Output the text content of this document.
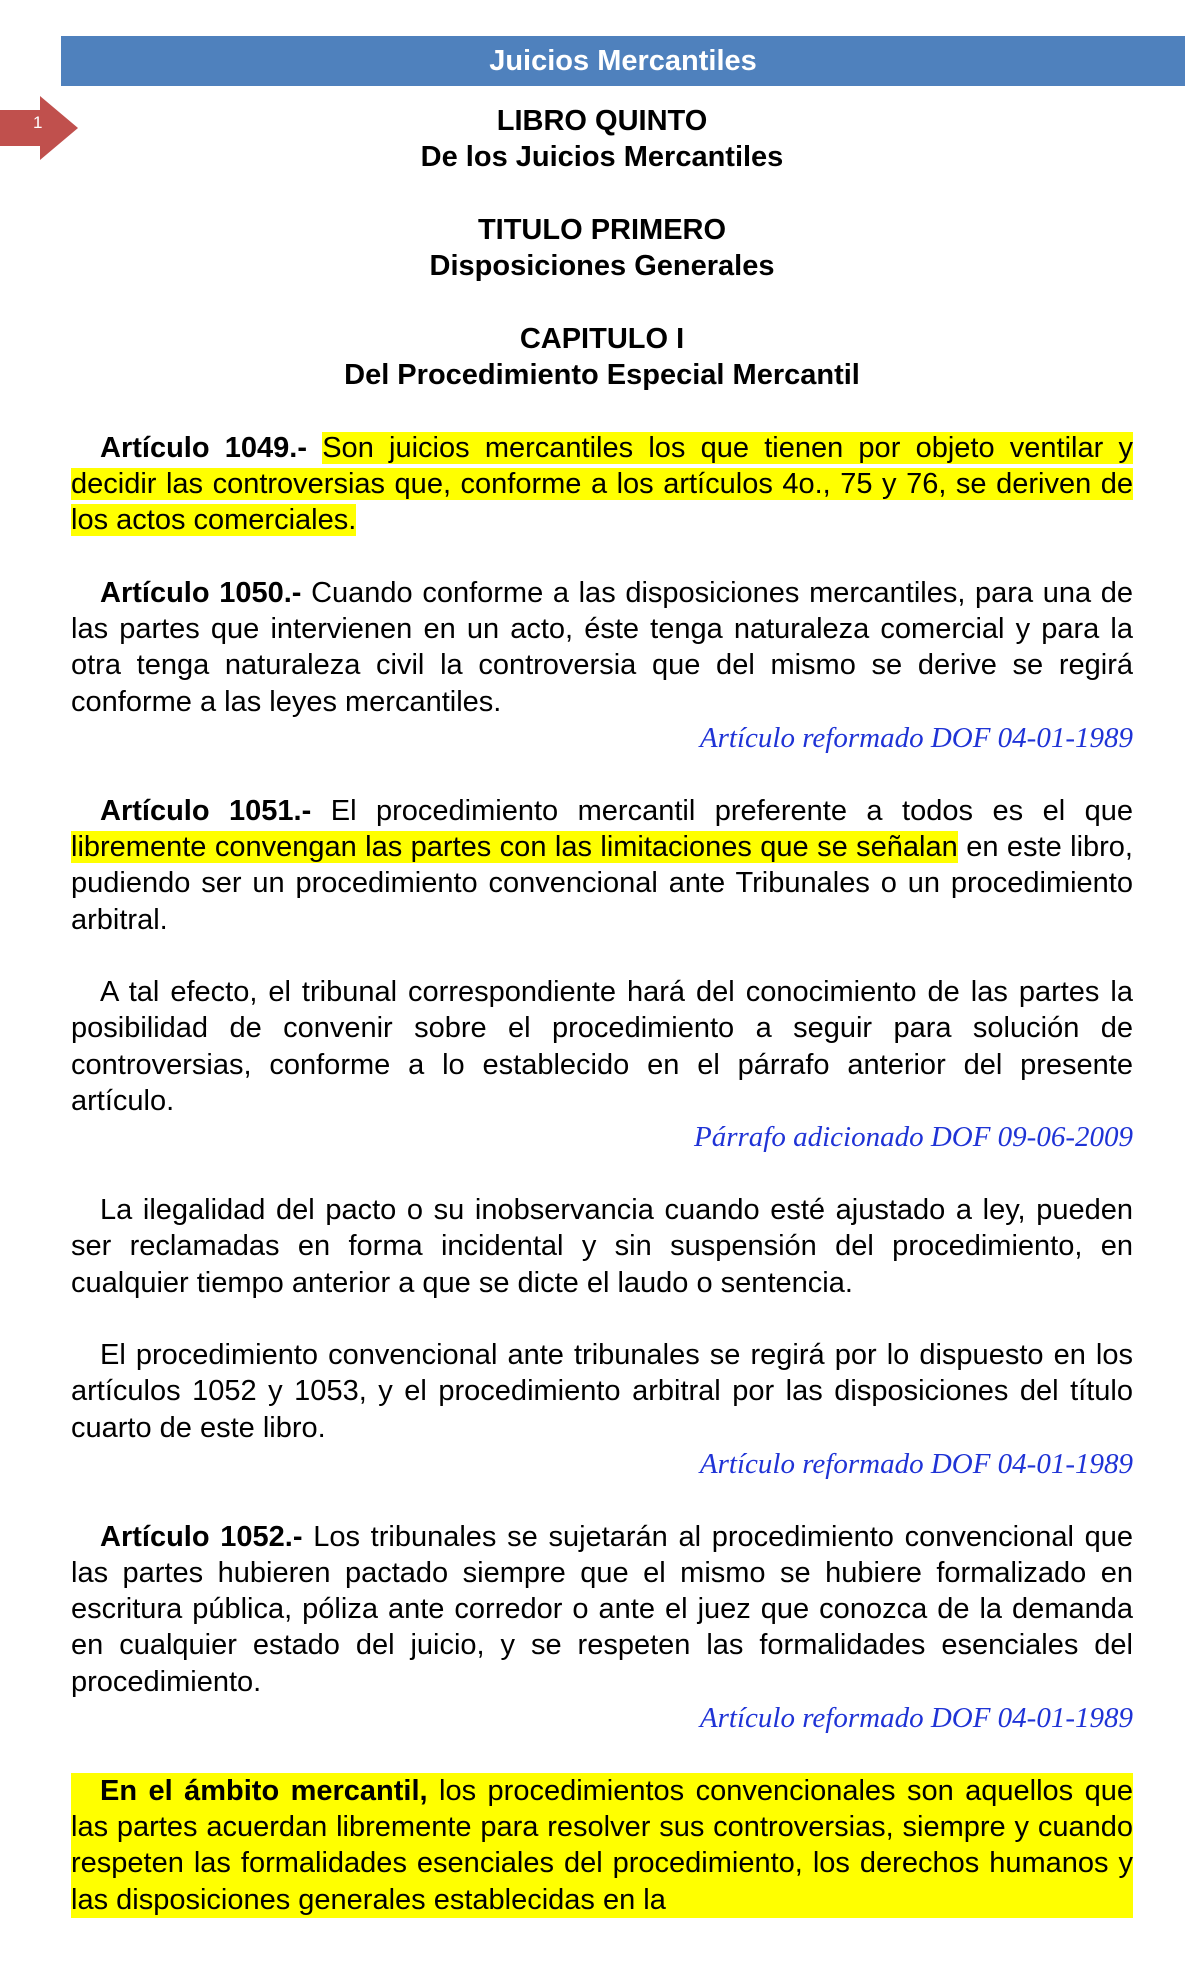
Juicios Mercantiles
1	LIBRO QUINTO
De los Juicios Mercantiles
TITULO PRIMERO
Disposiciones Generales
CAPITULO I
Del Procedimiento Especial Mercantil

Artículo 1049.- Son juicios mercantiles los que tienen por objeto ventilar y decidir las controversias que, conforme a los artículos 4o., 75 y 76, se deriven de los actos comerciales.

Artículo 1050.- Cuando conforme a las disposiciones mercantiles, para una de las partes que intervienen en un acto, éste tenga naturaleza comercial y para la otra tenga naturaleza civil la controversia que del mismo se derive se regirá conforme a las leyes mercantiles.

Artículo reformado DOF 04-01-1989

Artículo 1051.- El procedimiento mercantil preferente a todos es el que libremente convengan las partes con las limitaciones que se señalan en este libro, pudiendo ser un procedimiento convencional ante Tribunales o un procedimiento arbitral.

A tal efecto, el tribunal correspondiente hará del conocimiento de las partes la posibilidad de convenir sobre el procedimiento a seguir para solución de controversias, conforme a lo establecido en el párrafo anterior del presente artículo.

Párrafo adicionado DOF 09-06-2009

La ilegalidad del pacto o su inobservancia cuando esté ajustado a ley, pueden ser reclamadas en forma incidental y sin suspensión del procedimiento, en cualquier tiempo anterior a que se dicte el laudo o sentencia.

El procedimiento convencional ante tribunales se regirá por lo dispuesto en los artículos 1052 y 1053, y el procedimiento arbitral por las disposiciones del título cuarto de este libro.

Artículo reformado DOF 04-01-1989

Artículo 1052.- Los tribunales se sujetarán al procedimiento convencional que las partes hubieren pactado siempre que el mismo se hubiere formalizado en escritura pública, póliza ante corredor o ante el juez que conozca de la demanda en cualquier estado del juicio, y se respeten las formalidades esenciales del procedimiento.

Artículo reformado DOF 04-01-1989

En el ámbito mercantil, los procedimientos convencionales son aquellos que las partes acuerdan libremente para resolver sus controversias, siempre y cuando respeten las formalidades esenciales del procedimiento, los derechos humanos y las disposiciones generales establecidas en la
